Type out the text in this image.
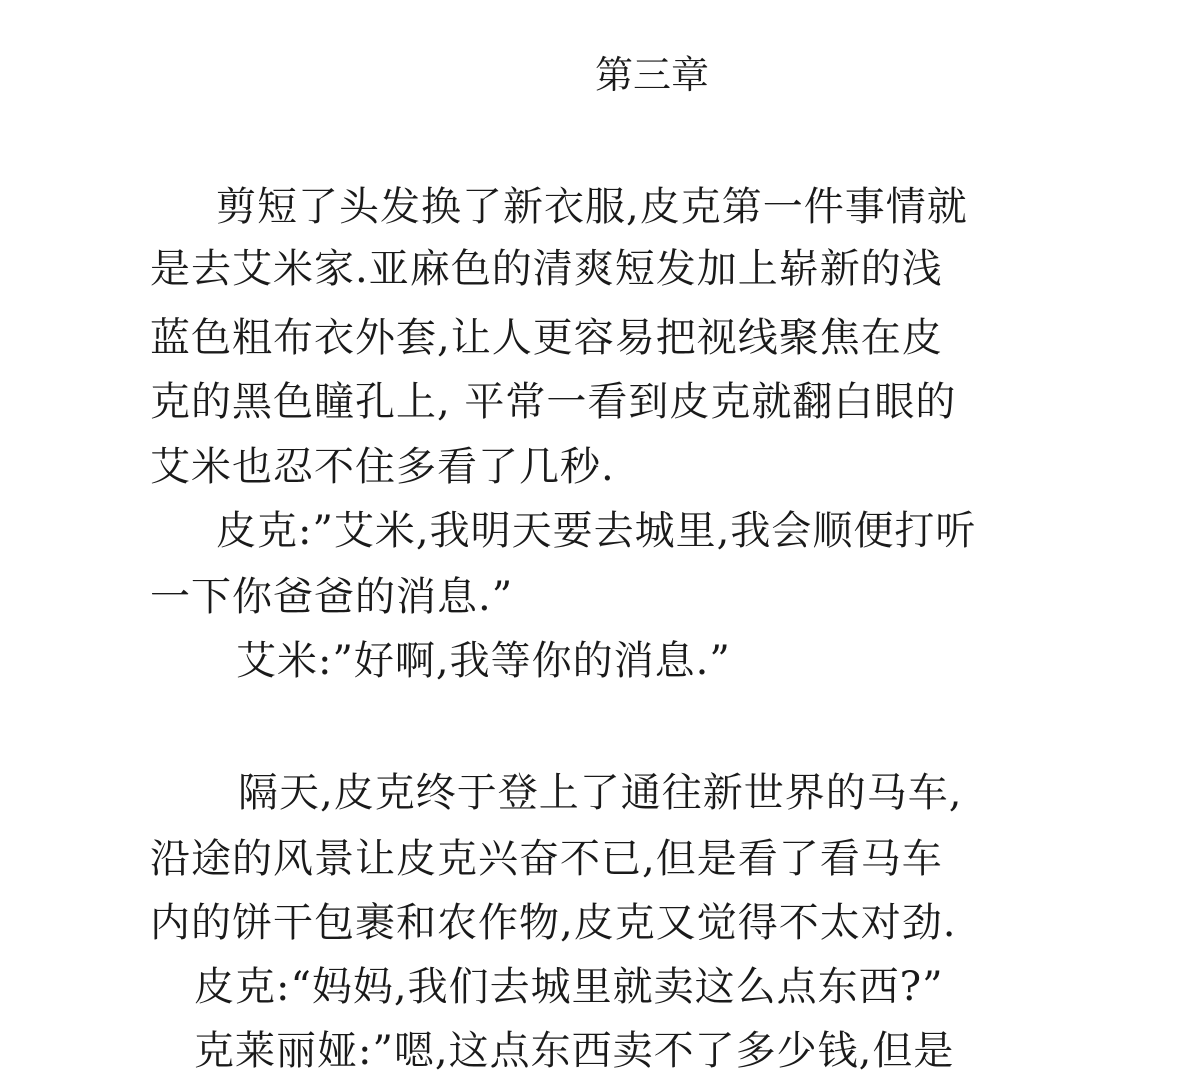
第三章
剪短了头发换了新衣服,皮克第一件事情就
是去艾米家.亚麻色的清爽短发加上崭新的浅
蓝色粗布衣外套,让人更容易把视线聚焦在皮
克的黑色瞳孔上, 平常一看到皮克就翻白眼的
艾米也忍不住多看了几秒.
皮克:”艾米,我明天要去城里,我会顺便打听
一下你爸爸的消息.”
艾米:”好啊,我等你的消息.”
隔天,皮克终于登上了通往新世界的马车,
沿途的风景让皮克兴奋不已,但是看了看马车
内的饼干包裹和农作物,皮克又觉得不太对劲.
皮克:“妈妈,我们去城里就卖这么点东西?”
克莱丽娅:”嗯,这点东西卖不了多少钱,但是
